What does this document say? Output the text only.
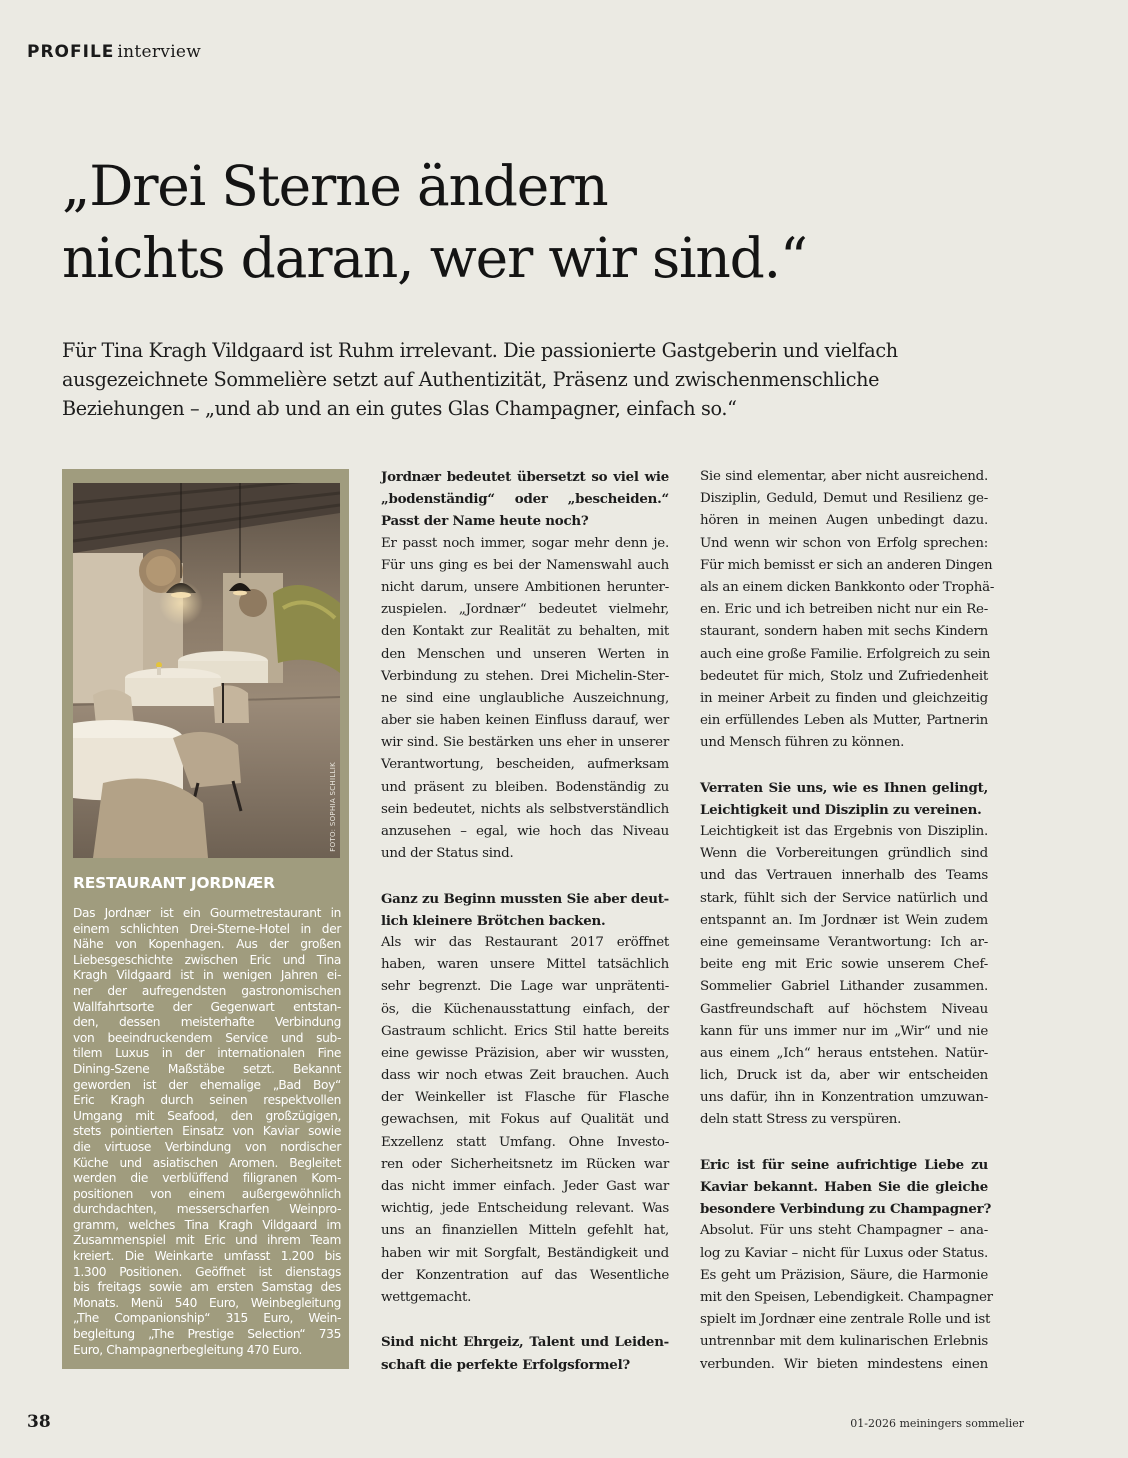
PROFILE interview
„Drei Sterne ändern
nichts daran, wer wir sind.“

Für Tina Kragh Vildgaard ist Ruhm irrelevant. Die passionierte Gastgeberin und vielfach
ausgezeichnete Sommelière setzt auf Authentizität, Präsenz und zwischenmenschliche
Beziehungen – „und ab und an ein gutes Glas Champagner, einfach so.“

FOTO: SOPHIA SCHILLIK
RESTAURANT JORDNÆR

Das Jordnær ist ein Gourmetrestaurant in
einem schlichten Drei-Sterne-Hotel in der
Nähe von Kopenhagen. Aus der großen
Liebesgeschichte zwischen Eric und Tina
Kragh Vildgaard ist in wenigen Jahren ei-
ner der aufregendsten gastronomischen
Wallfahrtsorte der Gegenwart entstan-
den, dessen meisterhafte Verbindung
von beeindruckendem Service und sub-
tilem Luxus in der internationalen Fine
Dining-Szene Maßstäbe setzt. Bekannt
geworden ist der ehemalige „Bad Boy“
Eric Kragh durch seinen respektvollen
Umgang mit Seafood, den großzügigen,
stets pointierten Einsatz von Kaviar sowie
die virtuose Verbindung von nordischer
Küche und asiatischen Aromen. Begleitet
werden die verblüffend filigranen Kom-
positionen von einem außergewöhnlich
durchdachten, messerscharfen Weinpro-
gramm, welches Tina Kragh Vildgaard im
Zusammenspiel mit Eric und ihrem Team
kreiert. Die Weinkarte umfasst 1.200 bis
1.300 Positionen. Geöffnet ist dienstags
bis freitags sowie am ersten Samstag des
Monats. Menü 540 Euro, Weinbegleitung
„The Companionship“ 315 Euro, Wein-
begleitung „The Prestige Selection“ 735
Euro, Champagnerbegleitung 470 Euro.

Jordnær bedeutet übersetzt so viel wie
„bodenständig“ oder „bescheiden.“
Passt der Name heute noch?
Er passt noch immer, sogar mehr denn je.
Für uns ging es bei der Namenswahl auch
nicht darum, unsere Ambitionen herunter-
zuspielen. „Jordnær“ bedeutet vielmehr,
den Kontakt zur Realität zu behalten, mit
den Menschen und unseren Werten in
Verbindung zu stehen. Drei Michelin-Ster-
ne sind eine unglaubliche Auszeichnung,
aber sie haben keinen Einfluss darauf, wer
wir sind. Sie bestärken uns eher in unserer
Verantwortung, bescheiden, aufmerksam
und präsent zu bleiben. Bodenständig zu
sein bedeutet, nichts als selbstverständlich
anzusehen – egal, wie hoch das Niveau
und der Status sind.
Ganz zu Beginn mussten Sie aber deut-
lich kleinere Brötchen backen.
Als wir das Restaurant 2017 eröffnet
haben, waren unsere Mittel tatsächlich
sehr begrenzt. Die Lage war unprätenti-
ös, die Küchenausstattung einfach, der
Gastraum schlicht. Erics Stil hatte bereits
eine gewisse Präzision, aber wir wussten,
dass wir noch etwas Zeit brauchen. Auch
der Weinkeller ist Flasche für Flasche
gewachsen, mit Fokus auf Qualität und
Exzellenz statt Umfang. Ohne Investo-
ren oder Sicherheitsnetz im Rücken war
das nicht immer einfach. Jeder Gast war
wichtig, jede Entscheidung relevant. Was
uns an finanziellen Mitteln gefehlt hat,
haben wir mit Sorgfalt, Beständigkeit und
der Konzentration auf das Wesentliche
wettgemacht.
Sind nicht Ehrgeiz, Talent und Leiden-
schaft die perfekte Erfolgsformel?
Sie sind elementar, aber nicht ausreichend.
Disziplin, Geduld, Demut und Resilienz ge-
hören in meinen Augen unbedingt dazu.
Und wenn wir schon von Erfolg sprechen:
Für mich bemisst er sich an anderen Dingen
als an einem dicken Bankkonto oder Trophä-
en. Eric und ich betreiben nicht nur ein Re-
staurant, sondern haben mit sechs Kindern
auch eine große Familie. Erfolgreich zu sein
bedeutet für mich, Stolz und Zufriedenheit
in meiner Arbeit zu finden und gleichzeitig
ein erfüllendes Leben als Mutter, Partnerin
und Mensch führen zu können.
Verraten Sie uns, wie es Ihnen gelingt,
Leichtigkeit und Disziplin zu vereinen.
Leichtigkeit ist das Ergebnis von Disziplin.
Wenn die Vorbereitungen gründlich sind
und das Vertrauen innerhalb des Teams
stark, fühlt sich der Service natürlich und
entspannt an. Im Jordnær ist Wein zudem
eine gemeinsame Verantwortung: Ich ar-
beite eng mit Eric sowie unserem Chef-
Sommelier Gabriel Lithander zusammen.
Gastfreundschaft auf höchstem Niveau
kann für uns immer nur im „Wir“ und nie
aus einem „Ich“ heraus entstehen. Natür-
lich, Druck ist da, aber wir entscheiden
uns dafür, ihn in Konzentration umzuwan-
deln statt Stress zu verspüren.
Eric ist für seine aufrichtige Liebe zu
Kaviar bekannt. Haben Sie die gleiche
besondere Verbindung zu Champagner?
Absolut. Für uns steht Champagner – ana-
log zu Kaviar – nicht für Luxus oder Status.
Es geht um Präzision, Säure, die Harmonie
mit den Speisen, Lebendigkeit. Champagner
spielt im Jordnær eine zentrale Rolle und ist
untrennbar mit dem kulinarischen Erlebnis
verbunden. Wir bieten mindestens einen
38	01-2026 meiningers sommelier
